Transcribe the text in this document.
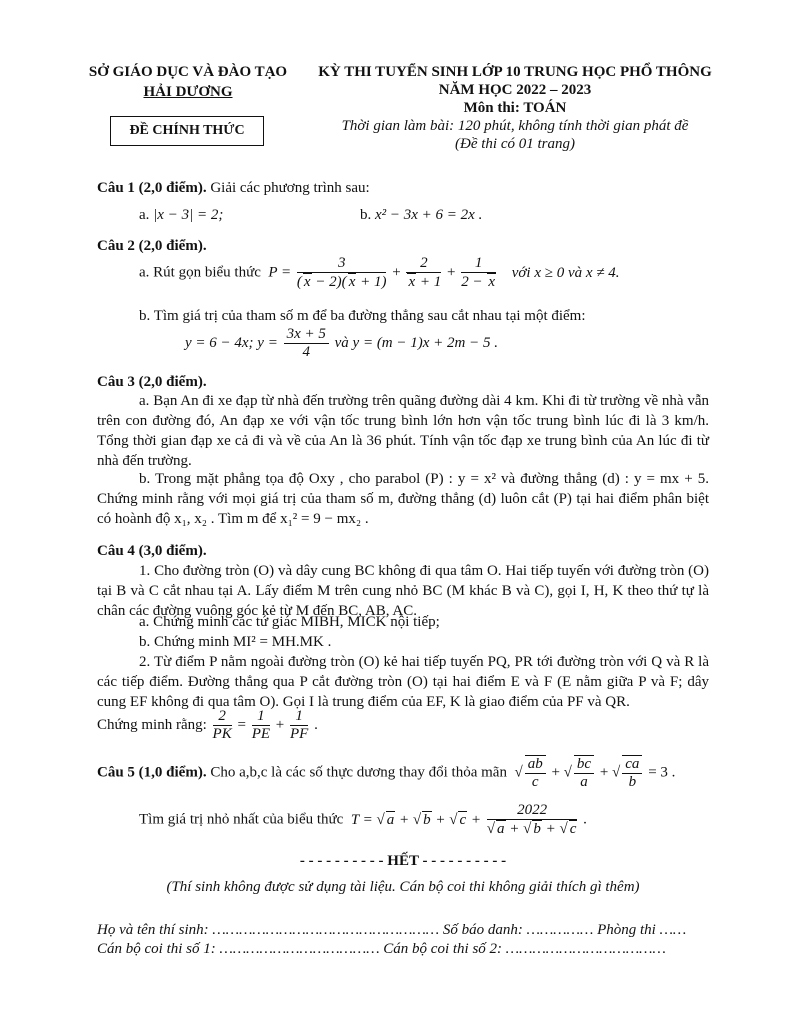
SỞ GIÁO DỤC VÀ ĐÀO TẠO
HẢI DƯƠNG
ĐỀ CHÍNH THỨC
KỲ THI TUYỂN SINH LỚP 10 TRUNG HỌC PHỔ THÔNG
NĂM HỌC 2022 – 2023
Môn thi: TOÁN
Thời gian làm bài: 120 phút, không tính thời gian phát đề
(Đề thi có 01 trang)
Câu 1 (2,0 điểm). Giải các phương trình sau:
a. |x − 3| = 2;	b. x² − 3x + 6 = 2x .
Câu 2 (2,0 điểm).
a. Rút gọn biểu thức  $P = \frac{3}{( x - 2)( x + 1)} + \frac{2}{x + 1} + \frac{1}{2 - x}$ với x ≥ 0 và x ≠ 4.
b. Tìm giá trị của tham số m để ba đường thẳng sau cắt nhau tại một điểm:
y = 6 − 4x; $y = \frac{3x + 5}{4}$ và y = (m − 1)x + 2m − 5 .
Câu 3 (2,0 điểm).
a. Bạn An đi xe đạp từ nhà đến trường trên quãng đường dài 4 km. Khi đi từ trường về nhà vẫn trên con đường đó, An đạp xe với vận tốc trung bình lớn hơn vận tốc trung bình lúc đi là 3 km/h. Tổng thời gian đạp xe cả đi và về của An là 36 phút. Tính vận tốc đạp xe trung bình của An lúc đi từ nhà đến trường.
b. Trong mặt phẳng tọa độ Oxy , cho parabol (P) : y = x² và đường thẳng (d) : y = mx + 5. Chứng minh rằng với mọi giá trị của tham số m, đường thẳng (d) luôn cắt (P) tại hai điểm phân biệt có hoành độ x₁, x₂ . Tìm m để x₁² = 9 − mx₂ .
Câu 4 (3,0 điểm).
1. Cho đường tròn (O) và dây cung BC không đi qua tâm O. Hai tiếp tuyến với đường tròn (O) tại B và C cắt nhau tại A. Lấy điểm M trên cung nhỏ BC (M khác B và C), gọi I, H, K theo thứ tự là chân các đường vuông góc kẻ từ M đến BC, AB, AC.
a. Chứng minh các tứ giác MIBH, MICK nội tiếp;
b. Chứng minh MI² = MH.MK .
2. Từ điểm P nằm ngoài đường tròn (O) kẻ hai tiếp tuyến PQ, PR tới đường tròn với Q và R là các tiếp điểm. Đường thẳng qua P cắt đường tròn (O) tại hai điểm E và F (E nằm giữa P và F; dây cung EF không đi qua tâm O). Gọi I là trung điểm của EF, K là giao điểm của PF và QR.
Chứng minh rằng: $\frac{2}{PK} = \frac{1}{PE} + \frac{1}{PF}$ .
Câu 5 (1,0 điểm). Cho a,b,c là các số thực dương thay đổi thỏa mãn  √ $\frac{ab}{c}$ + √ $\frac{bc}{a}$ + √ $\frac{ca}{b} = 3$ .
Tìm giá trị nhỏ nhất của biểu thức  T = √ a + √ b + √ $c + \frac{2022}{√ a + √ b + √ c}$ .
- - - - - - - - - - HẾT - - - - - - - - - -
(Thí sinh không được sử dụng tài liệu. Cán bộ coi thi không giải thích gì thêm)
Họ và tên thí sinh: …………………………………………… Số báo danh: …………… Phòng thi ……
Cán bộ coi thi số 1: ……………………………… Cán bộ coi thi số 2: ………………………………
